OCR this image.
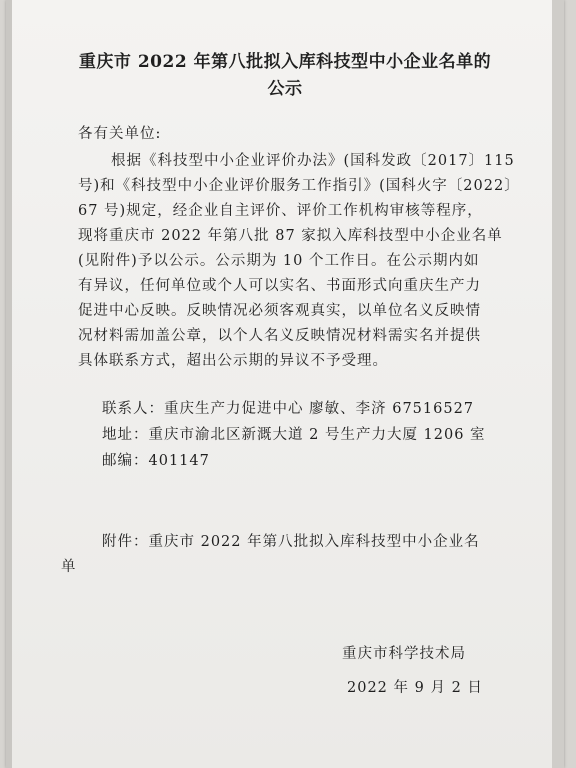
重庆市 2022 年第八批拟入库科技型中小企业名单的
公示
各有关单位:
根据《科技型中小企业评价办法》(国科发政〔2017〕115
号)和《科技型中小企业评价服务工作指引》(国科火字〔2022〕
67 号)规定，经企业自主评价、评价工作机构审核等程序，
现将重庆市 2022 年第八批 87 家拟入库科技型中小企业名单
(见附件)予以公示。公示期为 10 个工作日。在公示期内如
有异议，任何单位或个人可以实名、书面形式向重庆生产力
促进中心反映。反映情况必须客观真实，以单位名义反映情
况材料需加盖公章，以个人名义反映情况材料需实名并提供
具体联系方式，超出公示期的异议不予受理。
联系人：重庆生产力促进中心 廖敏、李济 67516527
地址：重庆市渝北区新溉大道 2 号生产力大厦 1206 室
邮编：401147
附件：重庆市 2022 年第八批拟入库科技型中小企业名
单
重庆市科学技术局
2022 年 9 月 2 日
